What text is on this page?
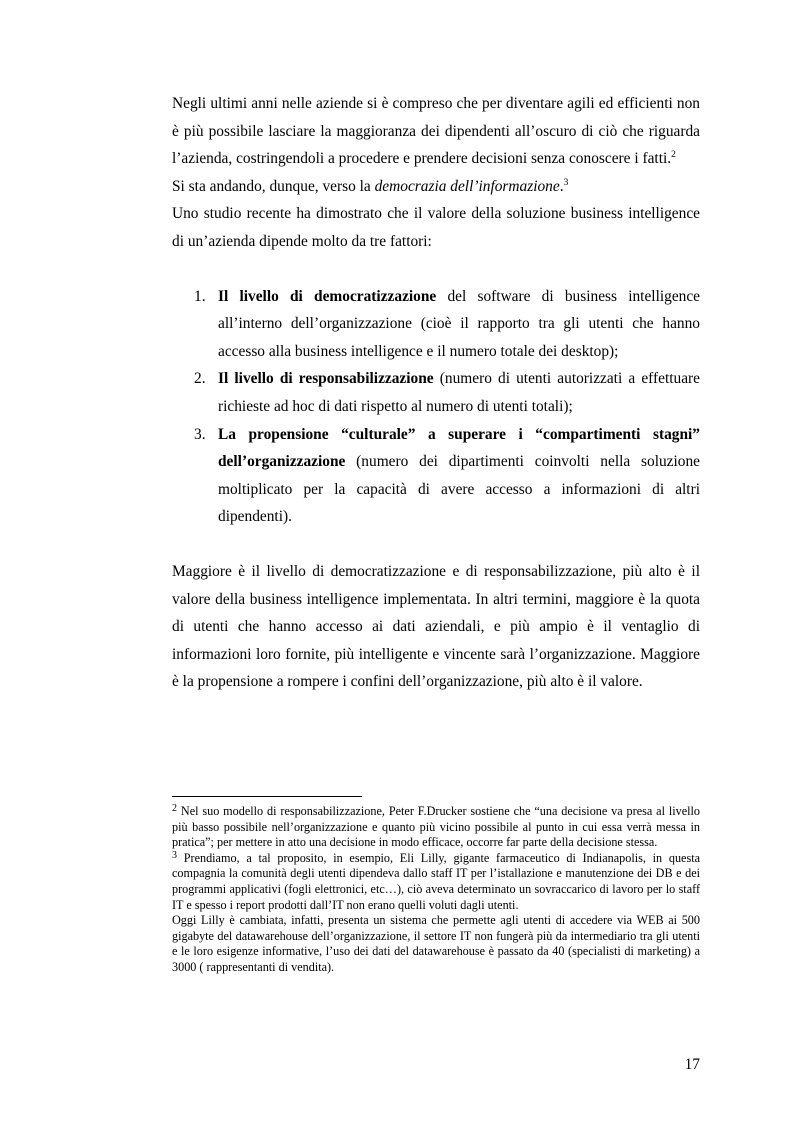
Negli ultimi anni nelle aziende si è compreso che per diventare agili ed efficienti non è più possibile lasciare la maggioranza dei dipendenti all’oscuro di ciò che riguarda l’azienda, costringendoli a procedere e prendere decisioni senza conoscere i fatti.$^2$

Si sta andando, dunque, verso la democrazia dell’informazione.$^3$

Uno studio recente ha dimostrato che il valore della soluzione business intelligence di un’azienda dipende molto da tre fattori:

1. Il livello di democratizzazione del software di business intelligence all’interno dell’organizzazione (cioè il rapporto tra gli utenti che hanno accesso alla business intelligence e il numero totale dei desktop);
2. Il livello di responsabilizzazione (numero di utenti autorizzati a effettuare richieste ad hoc di dati rispetto al numero di utenti totali);
3. La propensione “culturale” a superare i “compartimenti stagni” dell’organizzazione (numero dei dipartimenti coinvolti nella soluzione moltiplicato per la capacità di avere accesso a informazioni di altri dipendenti).

Maggiore è il livello di democratizzazione e di responsabilizzazione, più alto è il valore della business intelligence implementata. In altri termini, maggiore è la quota di utenti che hanno accesso ai dati aziendali, e più ampio è il ventaglio di informazioni loro fornite, più intelligente e vincente sarà l’organizzazione. Maggiore è la propensione a rompere i confini dell’organizzazione, più alto è il valore.

$^2$ Nel suo modello di responsabilizzazione, Peter F.Drucker sostiene che “una decisione va presa al livello più basso possibile nell’organizzazione e quanto più vicino possibile al punto in cui essa verrà messa in pratica”; per mettere in atto una decisione in modo efficace, occorre far parte della decisione stessa.

$^3$ Prendiamo, a tal proposito, in esempio, Eli Lilly, gigante farmaceutico di Indianapolis, in questa compagnia la comunità degli utenti dipendeva dallo staff IT per l’istallazione e manutenzione dei DB e dei programmi applicativi (fogli elettronici, etc…), ciò aveva determinato un sovraccarico di lavoro per lo staff IT e spesso i report prodotti dall’IT non erano quelli voluti dagli utenti.

Oggi Lilly è cambiata, infatti, presenta un sistema che permette agli utenti di accedere via WEB ai 500 gigabyte del datawarehouse dell’organizzazione, il settore IT non fungerà più da intermediario tra gli utenti e le loro esigenze informative, l’uso dei dati del datawarehouse è passato da 40 (specialisti di marketing) a 3000 ( rappresentanti di vendita).

17
